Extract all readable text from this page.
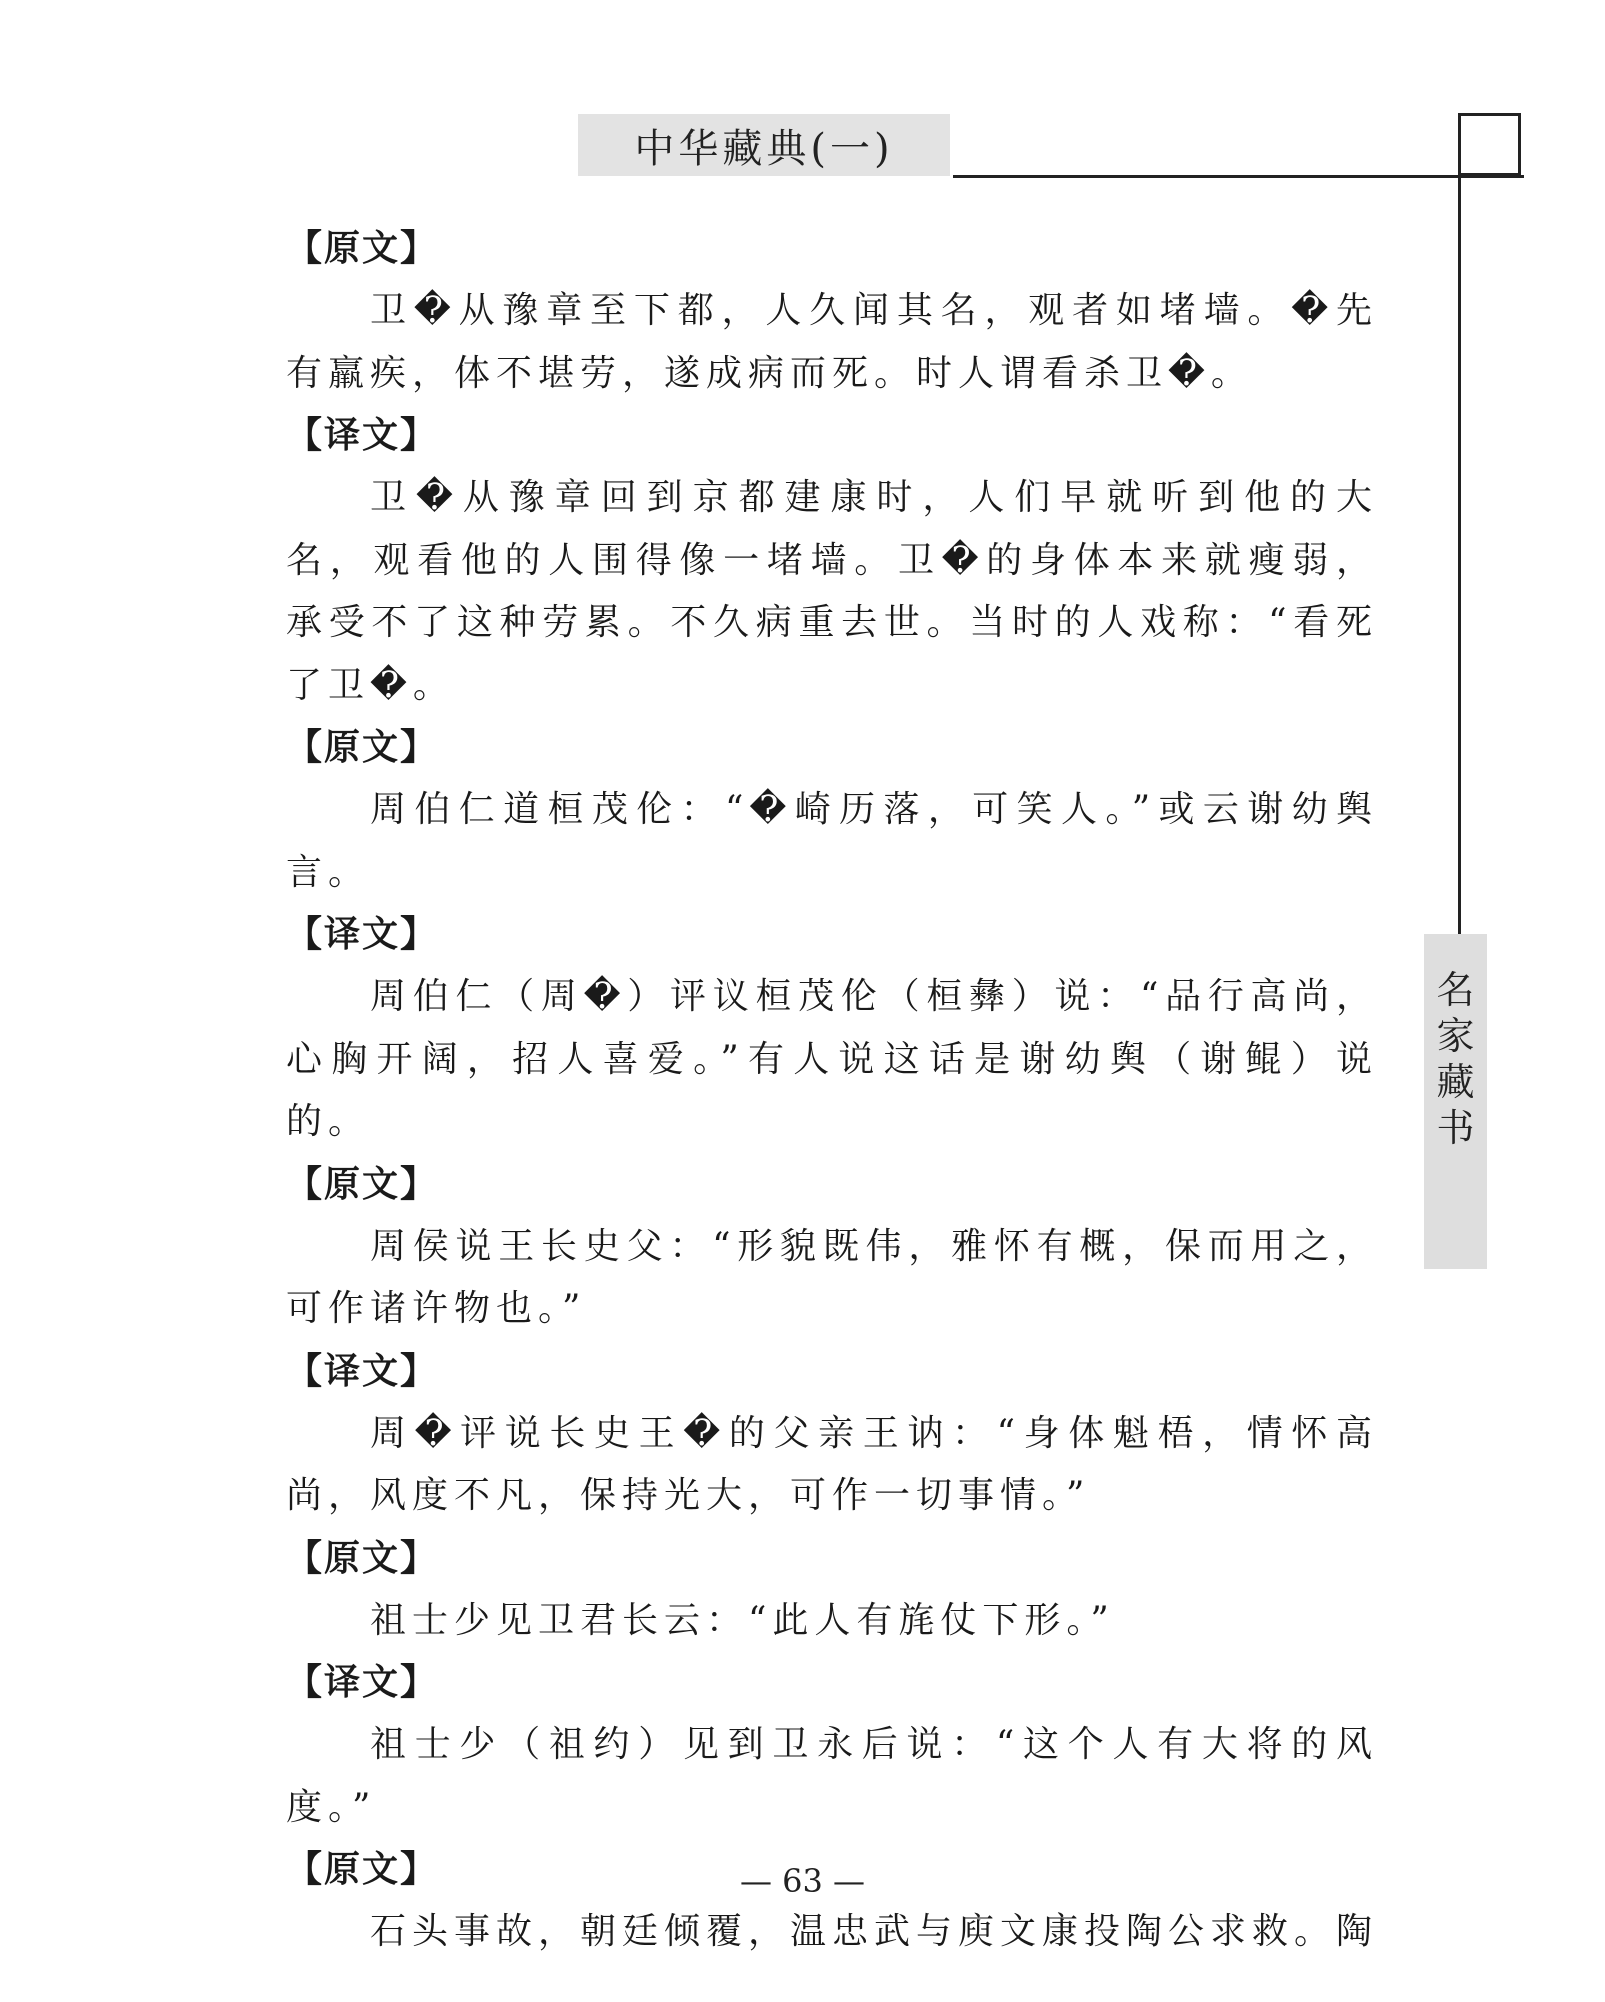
中华藏典(一)
名
家
藏
书
【原文】

卫�从豫章至下都，人久闻其名，观者如堵墙。�先有羸疾，体不堪劳，遂成病而死。时人谓看杀卫�。

【译文】

卫�从豫章回到京都建康时，人们早就听到他的大名，观看他的人围得像一堵墙。卫�的身体本来就瘦弱，承受不了这种劳累。不久病重去世。当时的人戏称：“看死了卫�。

【原文】

周伯仁道桓茂伦：“�崎历落，可笑人。”或云谢幼舆言。

【译文】

周伯仁（周�）评议桓茂伦（桓彝）说：“品行高尚，心胸开阔，招人喜爱。”有人说这话是谢幼舆（谢鲲）说的。

【原文】

周侯说王长史父：“形貌既伟，雅怀有概，保而用之，可作诸许物也。”

【译文】

周�评说长史王�的父亲王讷：“身体魁梧，情怀高尚，风度不凡，保持光大，可作一切事情。”

【原文】

祖士少见卫君长云：“此人有旄仗下形。”

【译文】

祖士少（祖约）见到卫永后说：“这个人有大将的风度。”

【原文】

石头事故，朝廷倾覆，温忠武与庾文康投陶公求救。陶

— 63 —
